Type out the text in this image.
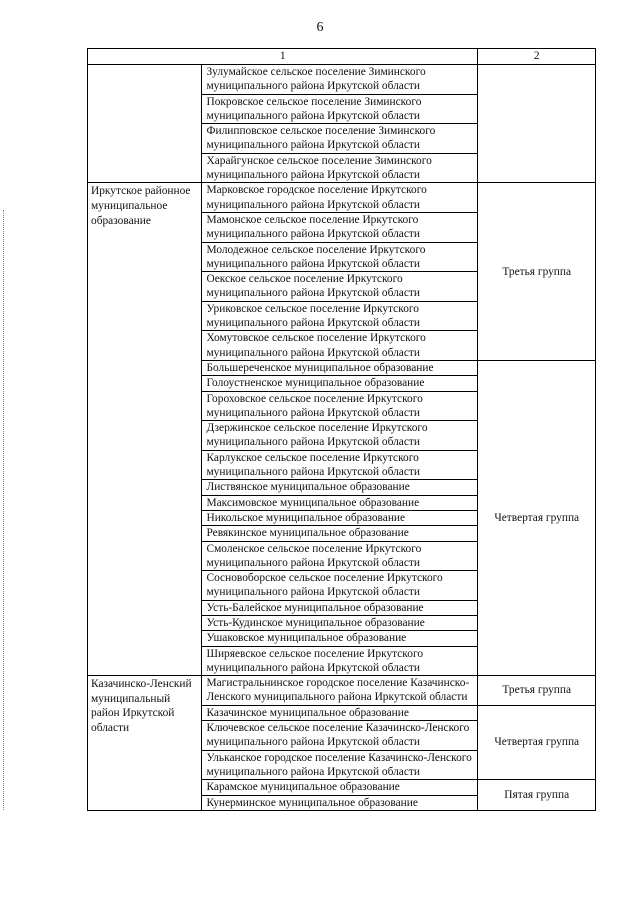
6
1		2
	Зулумайское сельское поселение Зиминского муниципального района Иркутской области	
	Покровское сельское поселение Зиминского муниципального района Иркутской области	
	Филипповское сельское поселение Зиминского муниципального района Иркутской области	
	Харайгунское сельское поселение Зиминского муниципального района Иркутской области	
Иркутское районное муниципальное образование	Марковское городское поселение Иркутского муниципального района Иркутской области	Третья группа
	Мамонское сельское поселение Иркутского муниципального района Иркутской области	
	Молодежное сельское поселение Иркутского муниципального района Иркутской области	
	Оекское сельское поселение Иркутского муниципального района Иркутской области	
	Уриковское сельское поселение Иркутского муниципального района Иркутской области	
	Хомутовское сельское поселение Иркутского муниципального района Иркутской области	
	Большереченское муниципальное образование	Четвертая группа
	Голоустненское муниципальное образование	
	Гороховское сельское поселение Иркутского муниципального района Иркутской области	
	Дзержинское сельское поселение Иркутского муниципального района Иркутской области	
	Карлукское сельское поселение Иркутского муниципального района Иркутской области	
	Листвянское муниципальное образование	
	Максимовское муниципальное образование	
	Никольское муниципальное образование	
	Ревякинское муниципальное образование	
	Смоленское сельское поселение Иркутского муниципального района Иркутской области	
	Сосновоборское сельское поселение Иркутского муниципального района Иркутской области	
	Усть-Балейское муниципальное образование	
	Усть-Кудинское муниципальное образование	
	Ушаковское муниципальное образование	
	Ширяевское сельское поселение Иркутского муниципального района Иркутской области	
Казачинско-Ленский муниципальный район Иркутской области	Магистральнинское городское поселение Казачинско-Ленского муниципального района Иркутской области	Третья группа
	Казачинское муниципальное образование	Четвертая группа
	Ключевское сельское поселение Казачинско-Ленского муниципального района Иркутской области	
	Ульканское городское поселение Казачинско-Ленского муниципального района Иркутской области	
	Карамское муниципальное образование	Пятая группа
	Кунерминское муниципальное образование	
